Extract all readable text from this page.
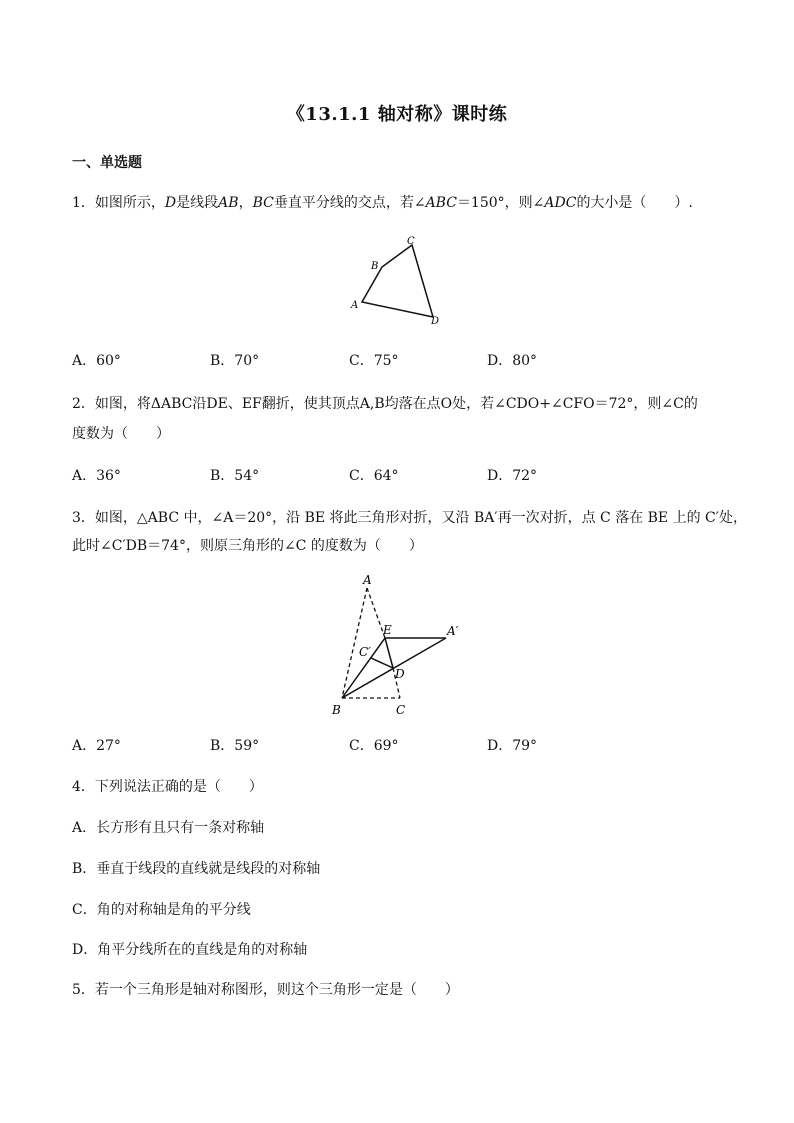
《13.1.1 轴对称》课时练
一、单选题
1．如图所示，D是线段AB，BC垂直平分线的交点，若∠ABC＝150°，则∠ADC的大小是（　　）.
A
B
C
D
A．60°	B．70°	C．75°	D．80°
2．如图，将ΔABC沿DE、EF翻折，使其顶点A,B均落在点O处，若∠CDO+∠CFO＝72°，则∠C的
度数为（　　）
A．36°	B．54°	C．64°	D．72°
3．如图，△ABC 中，∠A＝20°，沿 BE 将此三角形对折，又沿 BA′再一次对折，点 C 落在 BE 上的 C′处，
此时∠C′DB＝74°，则原三角形的∠C 的度数为（　　）
A
E	A′
C′
D
B	C
A．27°	B．59°	C．69°	D．79°
4．下列说法正确的是（　　）
A．长方形有且只有一条对称轴
B．垂直于线段的直线就是线段的对称轴
C．角的对称轴是角的平分线
D．角平分线所在的直线是角的对称轴
5．若一个三角形是轴对称图形，则这个三角形一定是（　　）
